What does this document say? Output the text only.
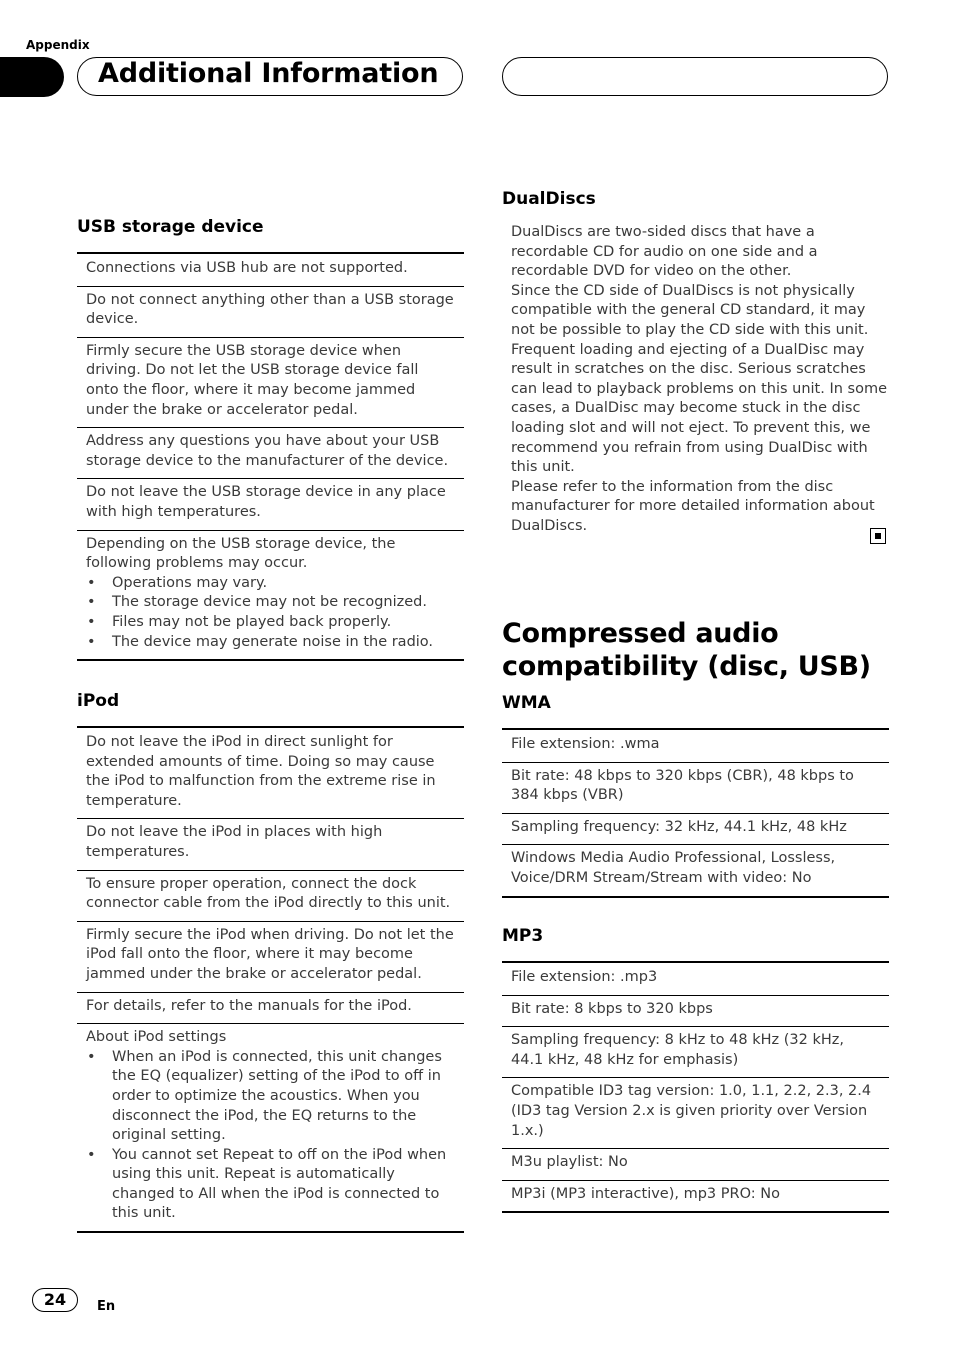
Appendix
Additional Information
USB storage device
Connections via USB hub are not supported.
Do not connect anything other than a USB storage device.
Firmly secure the USB storage device when driving. Do not let the USB storage device fall onto the floor, where it may become jammed under the brake or accelerator pedal.
Address any questions you have about your USB storage device to the manufacturer of the device.
Do not leave the USB storage device in any place with high temperatures.
Depending on the USB storage device, the following problems may occur.
• Operations may vary.
• The storage device may not be recognized.
• Files may not be played back properly.
• The device may generate noise in the radio.
iPod
Do not leave the iPod in direct sunlight for extended amounts of time. Doing so may cause the iPod to malfunction from the extreme rise in temperature.
Do not leave the iPod in places with high temperatures.
To ensure proper operation, connect the dock connector cable from the iPod directly to this unit.
Firmly secure the iPod when driving. Do not let the iPod fall onto the floor, where it may become jammed under the brake or accelerator pedal.
For details, refer to the manuals for the iPod.
About iPod settings
• When an iPod is connected, this unit changes the EQ (equalizer) setting of the iPod to off in order to optimize the acoustics. When you disconnect the iPod, the EQ returns to the original setting.
• You cannot set Repeat to off on the iPod when using this unit. Repeat is automatically changed to All when the iPod is connected to this unit.
DualDiscs

DualDiscs are two-sided discs that have a recordable CD for audio on one side and a recordable DVD for video on the other.

Since the CD side of DualDiscs is not physically compatible with the general CD standard, it may not be possible to play the CD side with this unit.

Frequent loading and ejecting of a DualDisc may result in scratches on the disc. Serious scratches can lead to playback problems on this unit. In some cases, a DualDisc may become stuck in the disc loading slot and will not eject. To prevent this, we recommend you refrain from using DualDisc with this unit.

Please refer to the information from the disc manufacturer for more detailed information about DualDiscs.

Compressed audio compatibility (disc, USB)
WMA
File extension: .wma
Bit rate: 48 kbps to 320 kbps (CBR), 48 kbps to 384 kbps (VBR)
Sampling frequency: 32 kHz, 44.1 kHz, 48 kHz
Windows Media Audio Professional, Lossless, Voice/DRM Stream/Stream with video: No
MP3
File extension: .mp3
Bit rate: 8 kbps to 320 kbps
Sampling frequency: 8 kHz to 48 kHz (32 kHz, 44.1 kHz, 48 kHz for emphasis)
Compatible ID3 tag version: 1.0, 1.1, 2.2, 2.3, 2.4 (ID3 tag Version 2.x is given priority over Version 1.x.)
M3u playlist: No
MP3i (MP3 interactive), mp3 PRO: No
24	En
